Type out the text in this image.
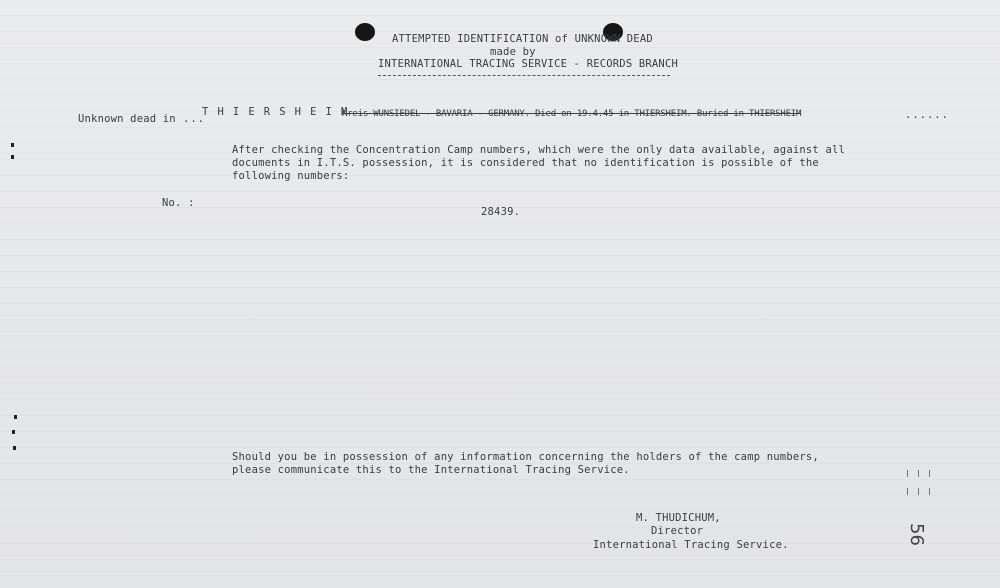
ATTEMPTED IDENTIFICATION of UNKNOWN DEAD
made by
INTERNATIONAL TRACING SERVICE - RECORDS BRANCH
Unknown dead in ...
T H I E R S H E I M
Kreis WUNSIEDEL - BAVARIA - GERMANY. Died on 19.4.45 in THIERSHEIM. Buried in THIERSHEIM	......
After checking the Concentration Camp numbers, which were the only data available, against all
documents in I.T.S. possession, it is considered that no identification is possible of the
following numbers:
No. :
28439.
Should you be in possession of any information concerning the holders of the camp numbers,
please communicate this to the International Tracing Service.
M. THUDICHUM,
Director
International Tracing Service.	56
